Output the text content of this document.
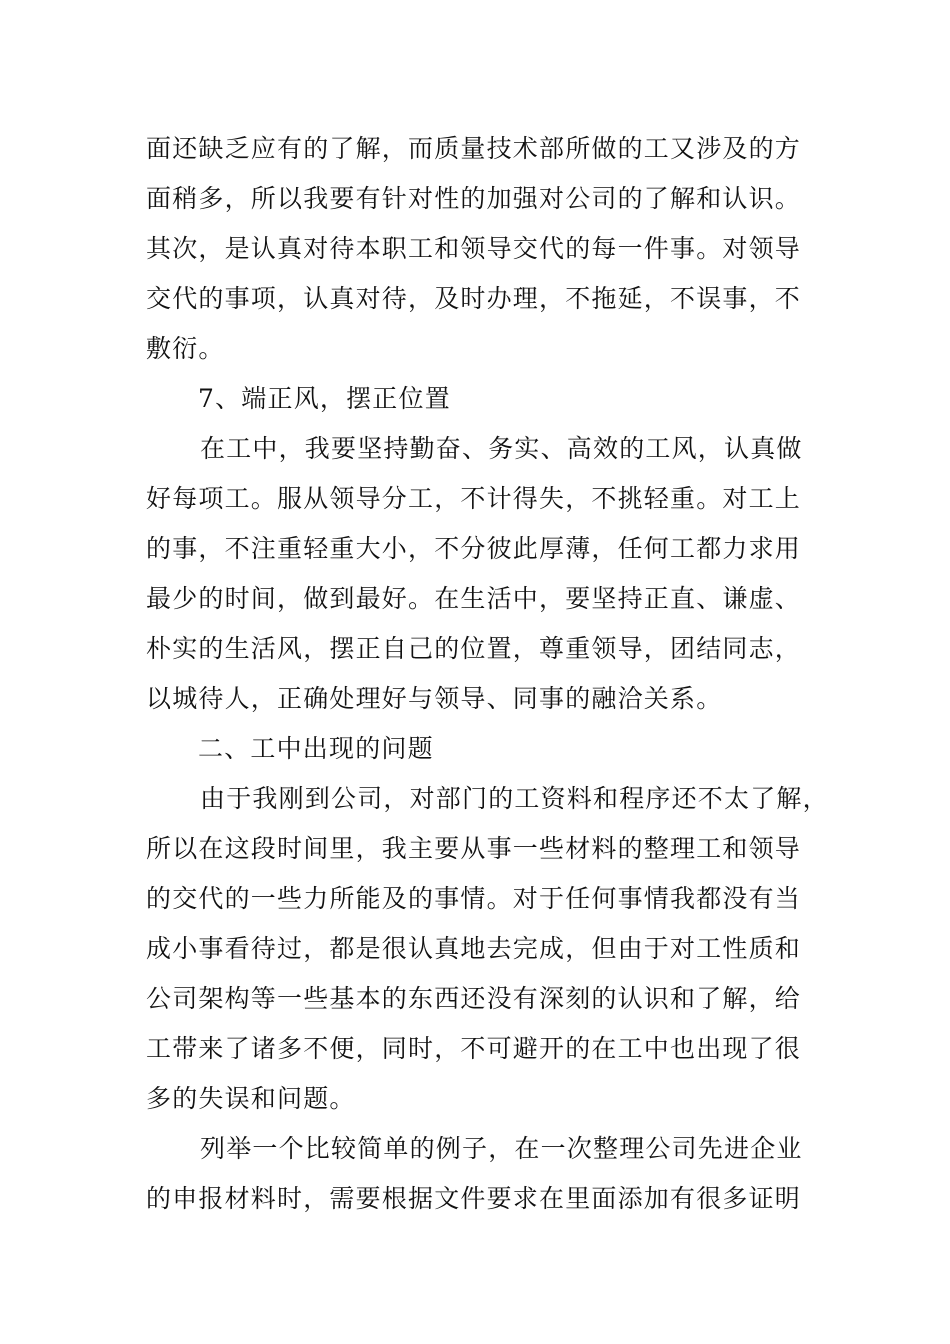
面还缺乏应有的了解，而质量技术部所做的工又涉及的方
面稍多，所以我要有针对性的加强对公司的了解和认识。
其次，是认真对待本职工和领导交代的每一件事。对领导
交代的事项，认真对待，及时办理，不拖延，不误事，不
敷衍。
7、端正风，摆正位置
在工中，我要坚持勤奋、务实、高效的工风，认真做
好每项工。服从领导分工，不计得失，不挑轻重。对工上
的事，不注重轻重大小，不分彼此厚薄，任何工都力求用
最少的时间，做到最好。在生活中，要坚持正直、谦虚、
朴实的生活风，摆正自己的位置，尊重领导，团结同志，
以城待人，正确处理好与领导、同事的融洽关系。
二、工中出现的问题
由于我刚到公司，对部门的工资料和程序还不太了解，
所以在这段时间里，我主要从事一些材料的整理工和领导
的交代的一些力所能及的事情。对于任何事情我都没有当
成小事看待过，都是很认真地去完成，但由于对工性质和
公司架构等一些基本的东西还没有深刻的认识和了解，给
工带来了诸多不便，同时，不可避开的在工中也出现了很
多的失误和问题。
列举一个比较简单的例子，在一次整理公司先进企业
的申报材料时，需要根据文件要求在里面添加有很多证明
